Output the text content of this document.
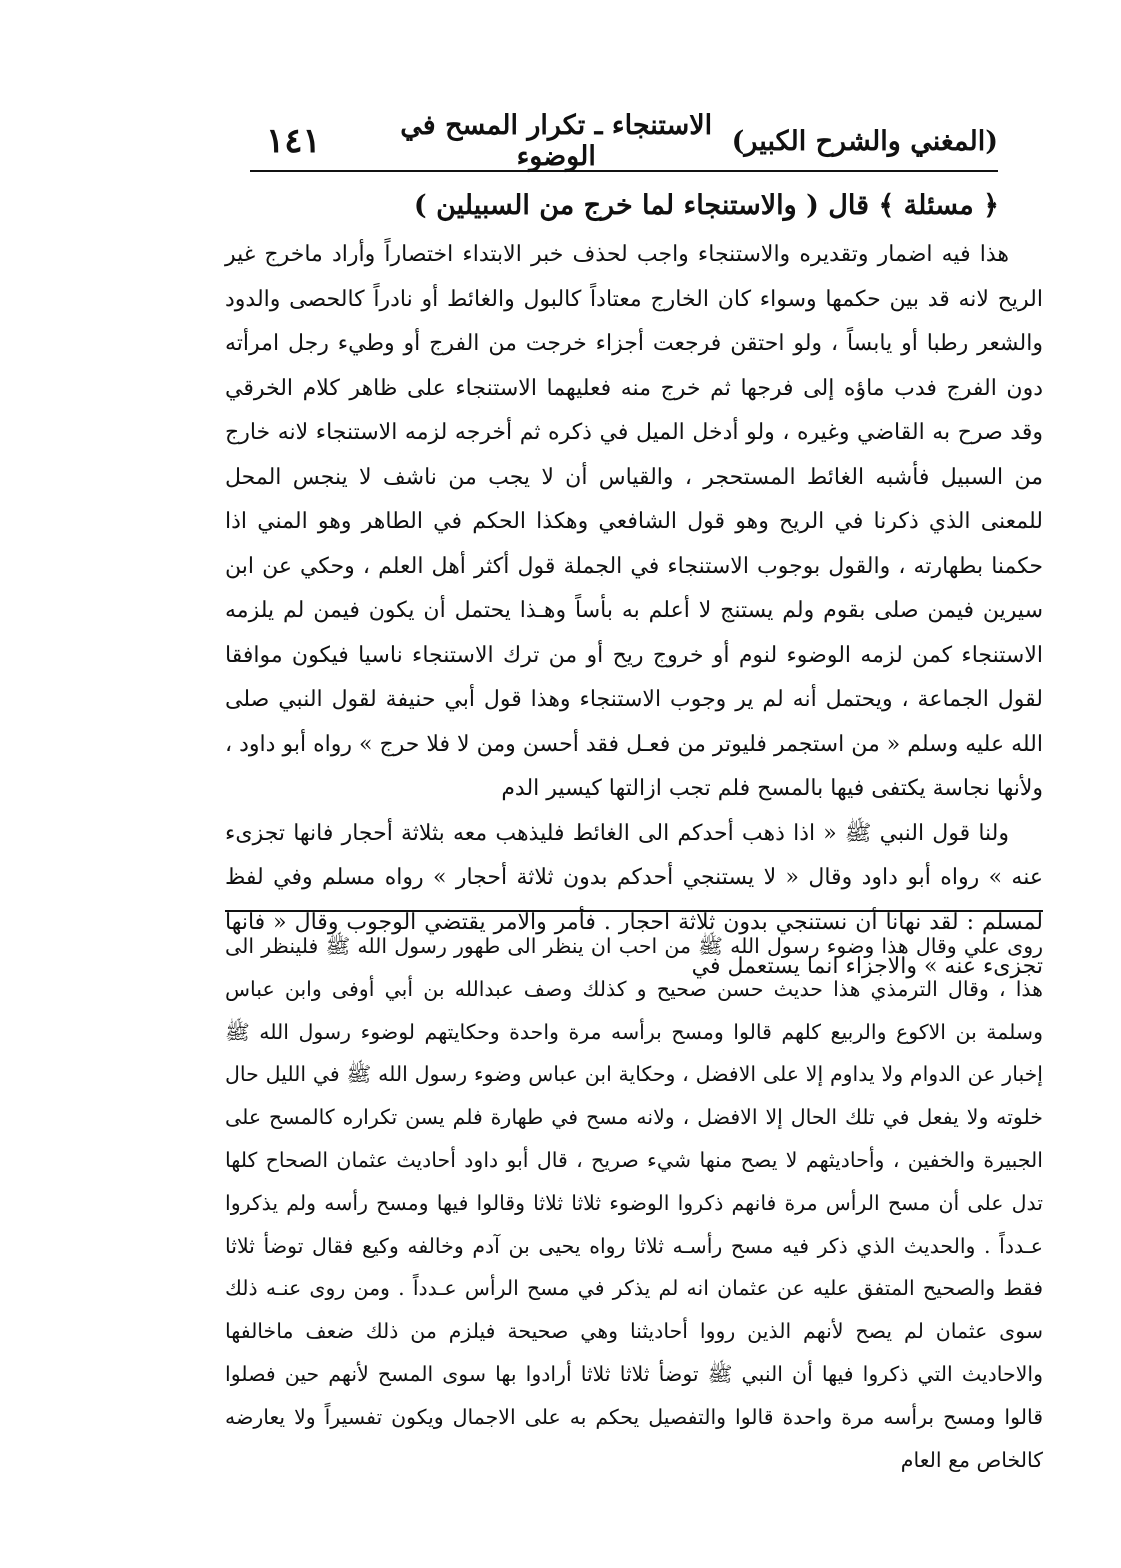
١٤١	الاستنجاء ـ تكرار المسح في الوضوء	(المغني والشرح الكبير)
﴿ مسئلة ﴾ قال ( والاستنجاء لما خرج من السبيلين )

هذا فيه اضمار وتقديره والاستنجاء واجب لحذف خبر الابتداء اختصاراً وأراد ماخرج غير الريح لانه قد بين حكمها وسواء كان الخارج معتاداً كالبول والغائط أو نادراً كالحصى والدود والشعر رطبا أو يابساً ، ولو احتقن فرجعت أجزاء خرجت من الفرج أو وطيء رجل امرأته دون الفرج فدب ماؤه إلى فرجها ثم خرج منه فعليهما الاستنجاء على ظاهر كلام الخرقي وقد صرح به القاضي وغيره ، ولو أدخل الميل في ذكره ثم أخرجه لزمه الاستنجاء لانه خارج من السبيل فأشبه الغائط المستحجر ، والقياس أن لا يجب من ناشف لا ينجس المحل للمعنى الذي ذكرنا في الريح وهو قول الشافعي وهكذا الحكم في الطاهر وهو المني اذا حكمنا بطهارته ، والقول بوجوب الاستنجاء في الجملة قول أكثر أهل العلم ، وحكي عن ابن سيرين فيمن صلى بقوم ولم يستنج لا أعلم به بأساً وهـذا يحتمل أن يكون فيمن لم يلزمه الاستنجاء كمن لزمه الوضوء لنوم أو خروج ريح أو من ترك الاستنجاء ناسيا فيكون موافقا لقول الجماعة ، ويحتمل أنه لم ير وجوب الاستنجاء وهذا قول أبي حنيفة لقول النبي صلى الله عليه وسلم « من استجمر فليوتر من فعـل فقد أحسن ومن لا فلا حرج » رواه أبو داود ، ولأنها نجاسة يكتفى فيها بالمسح فلم تجب ازالتها كيسير الدم

ولنا قول النبي ﷺ « اذا ذهب أحدكم الى الغائط فليذهب معه بثلاثة أحجار فانها تجزىء عنه » رواه أبو داود وقال « لا يستنجي أحدكم بدون ثلاثة أحجار » رواه مسلم وفي لفظ لمسلم : لقد نهانا أن نستنجي بدون ثلاثة احجار . فأمر والامر يقتضي الوجوب وقال « فانها تجزىء عنه » والاجزاء انما يستعمل في

روى علي وقال هذا وضوء رسول الله ﷺ من احب ان ينظر الى طهور رسول الله ﷺ فلينظر الى هذا ، وقال الترمذي هذا حديث حسن صحيح و كذلك وصف عبدالله بن أبي أوفى وابن عباس وسلمة بن الاكوع والربيع كلهم قالوا ومسح برأسه مرة واحدة وحكايتهم لوضوء رسول الله ﷺ إخبار عن الدوام ولا يداوم إلا على الافضل ، وحكاية ابن عباس وضوء رسول الله ﷺ في الليل حال خلوته ولا يفعل في تلك الحال إلا الافضل ، ولانه مسح في طهارة فلم يسن تكراره كالمسح على الجبيرة والخفين ، وأحاديثهم لا يصح منها شيء صريح ، قال أبو داود أحاديث عثمان الصحاح كلها تدل على أن مسح الرأس مرة فانهم ذكروا الوضوء ثلاثا ثلاثا وقالوا فيها ومسح رأسه ولم يذكروا عـدداً . والحديث الذي ذكر فيه مسح رأسـه ثلاثا رواه يحيى بن آدم وخالفه وكيع فقال توضأ ثلاثا فقط والصحيح المتفق عليه عن عثمان انه لم يذكر في مسح الرأس عـدداً . ومن روى عنـه ذلك سوى عثمان لم يصح لأنهم الذين رووا أحاديثنا وهي صحيحة فيلزم من ذلك ضعف ماخالفها والاحاديث التي ذكروا فيها أن النبي ﷺ توضأ ثلاثا ثلاثا أرادوا بها سوى المسح لأنهم حين فصلوا قالوا ومسح برأسه مرة واحدة قالوا والتفصيل يحكم به على الاجمال ويكون تفسيراً ولا يعارضه كالخاص مع العام
